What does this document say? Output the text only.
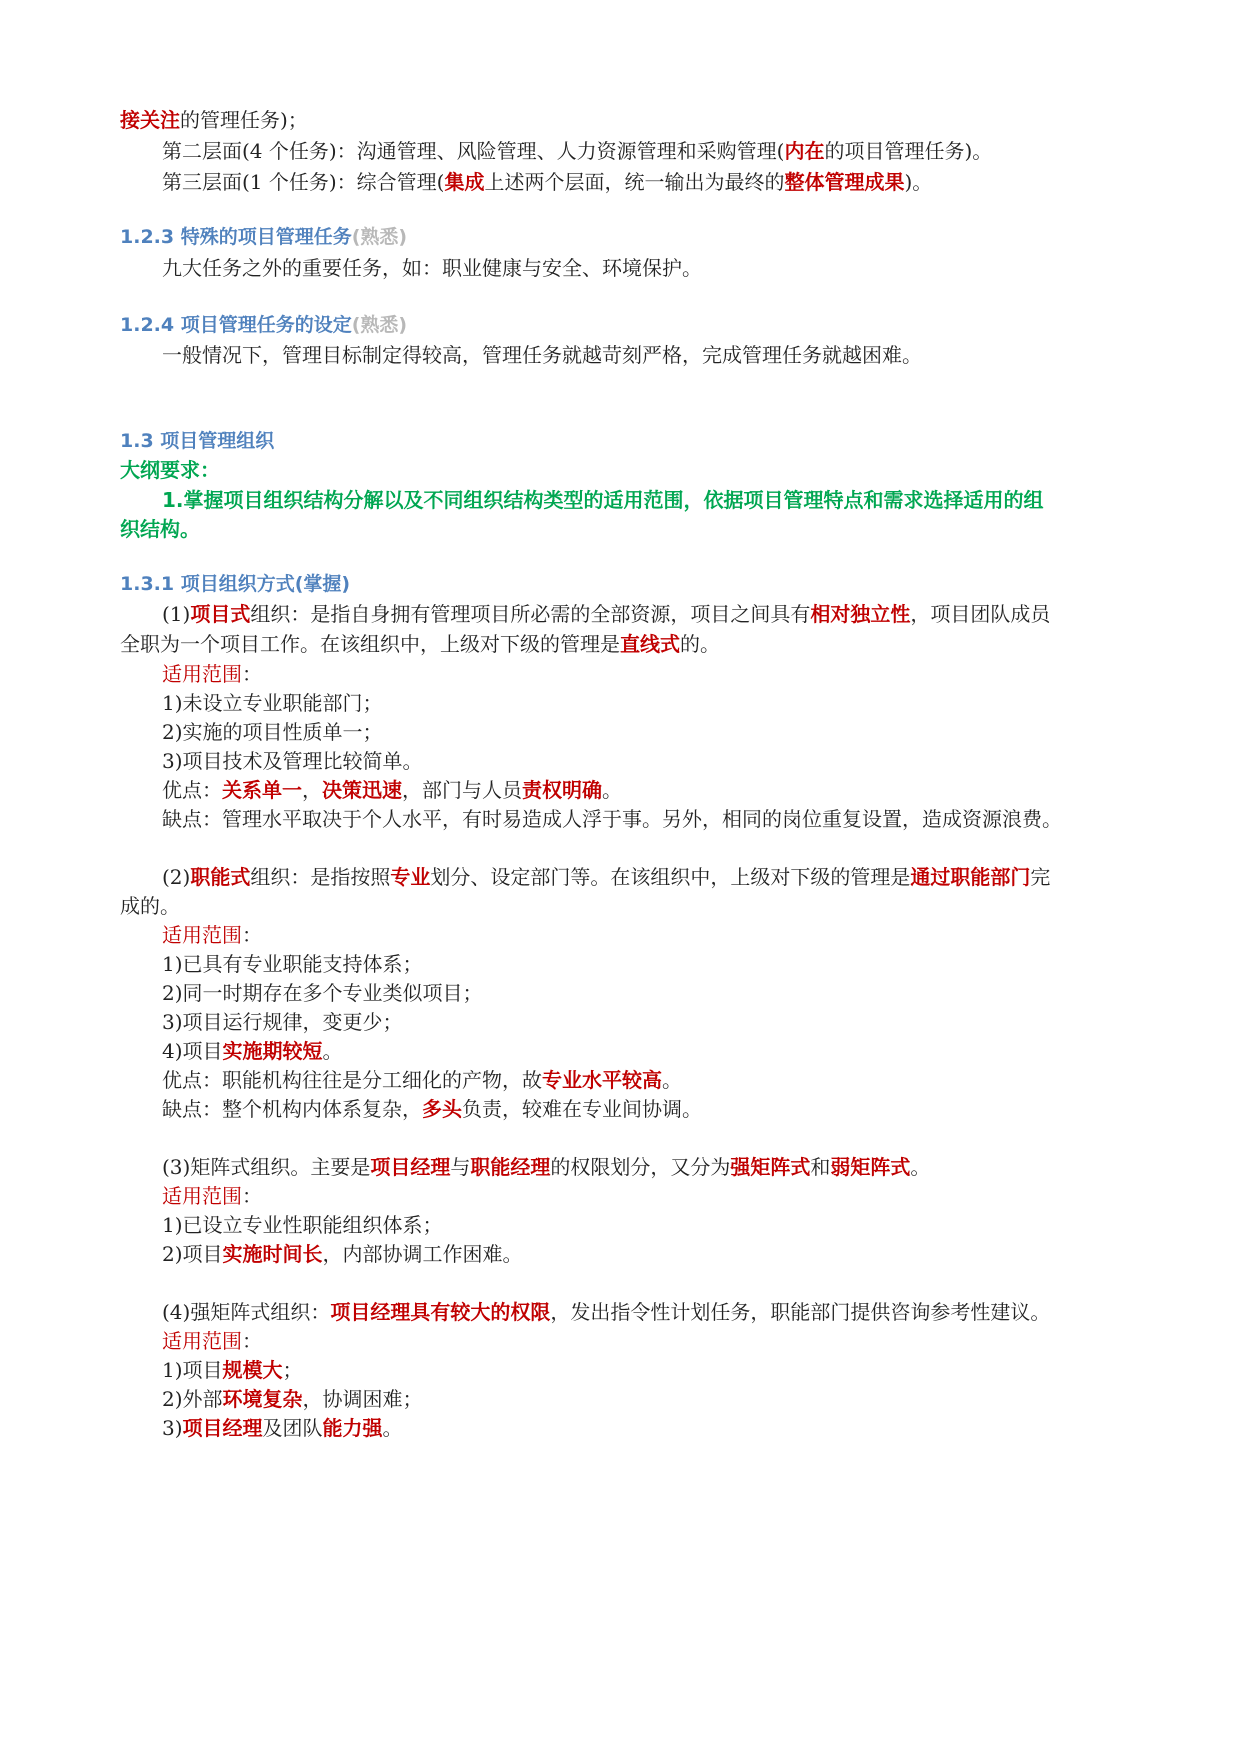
接关注的管理任务)；
第二层面(4 个任务)：沟通管理、风险管理、人力资源管理和采购管理(内在的项目管理任务)。
第三层面(1 个任务)：综合管理(集成上述两个层面，统一输出为最终的整体管理成果)。
1.2.3 特殊的项目管理任务(熟悉)
九大任务之外的重要任务，如：职业健康与安全、环境保护。
1.2.4 项目管理任务的设定(熟悉)
一般情况下，管理目标制定得较高，管理任务就越苛刻严格，完成管理任务就越困难。
1.3 项目管理组织
大纲要求：
1.掌握项目组织结构分解以及不同组织结构类型的适用范围，依据项目管理特点和需求选择适用的组
织结构。
1.3.1 项目组织方式(掌握)
(1)项目式组织：是指自身拥有管理项目所必需的全部资源，项目之间具有相对独立性，项目团队成员
全职为一个项目工作。在该组织中，上级对下级的管理是直线式的。
适用范围：
1)未设立专业职能部门；
2)实施的项目性质单一；
3)项目技术及管理比较简单。
优点：关系单一，决策迅速，部门与人员责权明确。
缺点：管理水平取决于个人水平，有时易造成人浮于事。另外，相同的岗位重复设置，造成资源浪费。
(2)职能式组织：是指按照专业划分、设定部门等。在该组织中，上级对下级的管理是通过职能部门完
成的。
适用范围：
1)已具有专业职能支持体系；
2)同一时期存在多个专业类似项目；
3)项目运行规律，变更少；
4)项目实施期较短。
优点：职能机构往往是分工细化的产物，故专业水平较高。
缺点：整个机构内体系复杂，多头负责，较难在专业间协调。
(3)矩阵式组织。主要是项目经理与职能经理的权限划分，又分为强矩阵式和弱矩阵式。
适用范围：
1)已设立专业性职能组织体系；
2)项目实施时间长，内部协调工作困难。
(4)强矩阵式组织：项目经理具有较大的权限，发出指令性计划任务，职能部门提供咨询参考性建议。
适用范围：
1)项目规模大；
2)外部环境复杂，协调困难；
3)项目经理及团队能力强。
